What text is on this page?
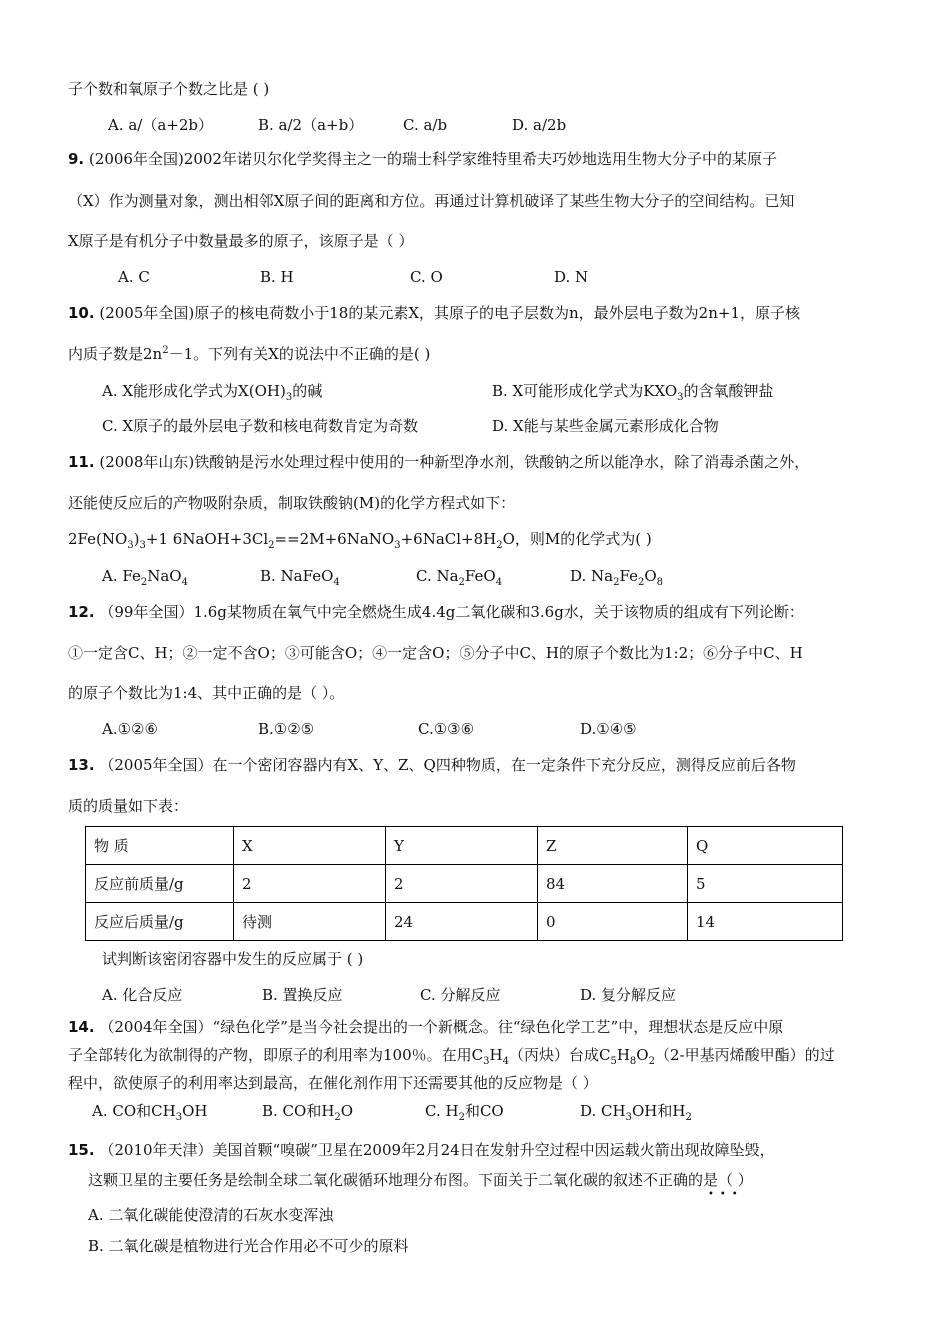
子个数和氧原子个数之比是 ( )
A. a/（a+2b）	B. a/2（a+b）	C. a/b	D. a/2b
9. (2006年全国)2002年诺贝尔化学奖得主之一的瑞士科学家维特里希夫巧妙地选用生物大分子中的某原子
（X）作为测量对象，测出相邻X原子间的距离和方位。再通过计算机破译了某些生物大分子的空间结构。已知
X原子是有机分子中数量最多的原子，该原子是（ ）
A. C	B. H	C. O	D. N
10. (2005年全国)原子的核电荷数小于18的某元素X，其原子的电子层数为n，最外层电子数为2n+1，原子核
内质子数是$2n^2-1$。下列有关X的说法中不正确的是( )
A. X能形成化学式为$X(OH)_3$的碱	B. X可能形成化学式为$KXO_3$的含氧酸钾盐
C. X原子的最外层电子数和核电荷数肯定为奇数	D. X能与某些金属元素形成化合物
11. (2008年山东)铁酸钠是污水处理过程中使用的一种新型净水剂，铁酸钠之所以能净水，除了消毒杀菌之外，
还能使反应后的产物吸附杂质，制取铁酸钠(M)的化学方程式如下：
$2Fe(NO_3)_3+1$ $6NaOH+3Cl_2==2M+6NaNO_3+6NaCl+8H_2O$，则M的化学式为( )
A. $Fe_2NaO_4$	B. NaFeO$_4$	C. $Na_2FeO_4$	D. $Na_2Fe_2O_8$
12. （99年全国）1.6g某物质在氧气中完全燃烧生成4.4g二氧化碳和3.6g水，关于该物质的组成有下列论断：
①一定含C、H；②一定不含O；③可能含O；④一定含O；⑤分子中C、H的原子个数比为1:2；⑥分子中C、H
的原子个数比为1:4、其中正确的是（ ）。
A.①②⑥	B.①②⑤	C.①③⑥	D.①④⑤
13. （2005年全国）在一个密闭容器内有X、Y、Z、Q四种物质，在一定条件下充分反应，测得反应前后各物
质的质量如下表：
物 质	X	Y	Z	Q
反应前质量/g	2	2	84	5
反应后质量/g	待测	24	0	14
试判断该密闭容器中发生的反应属于 ( )
A. 化合反应	B. 置换反应	C. 分解反应	D. 复分解反应
14. （2004年全国）“绿色化学”是当今社会提出的一个新概念。往“绿色化学工艺”中，理想状态是反应中原
子全部转化为欲制得的产物，即原子的利用率为100％。在用$C_3H_4$（丙炔）台成$C_5H_8O_2(2-$甲基丙烯酸甲酯）的过
程中，欲使原子的利用率达到最高，在催化剂作用下还需要其他的反应物是（ ）
A. CO和$CH_3OH$	B. CO和$H_2O$	C. $H_2$和CO	D. $CH_3OH$和$H_2$
15. （2010年天津）美国首颗“嗅碳”卫星在2009年2月24日在发射升空过程中因运载火箭出现故障坠毁，
这颗卫星的主要任务是绘制全球二氧化碳循环地理分布图。下面关于二氧化碳的叙述不正确的是（ ）
•••
A. 二氧化碳能使澄清的石灰水变浑浊
B. 二氧化碳是植物进行光合作用必不可少的原料
